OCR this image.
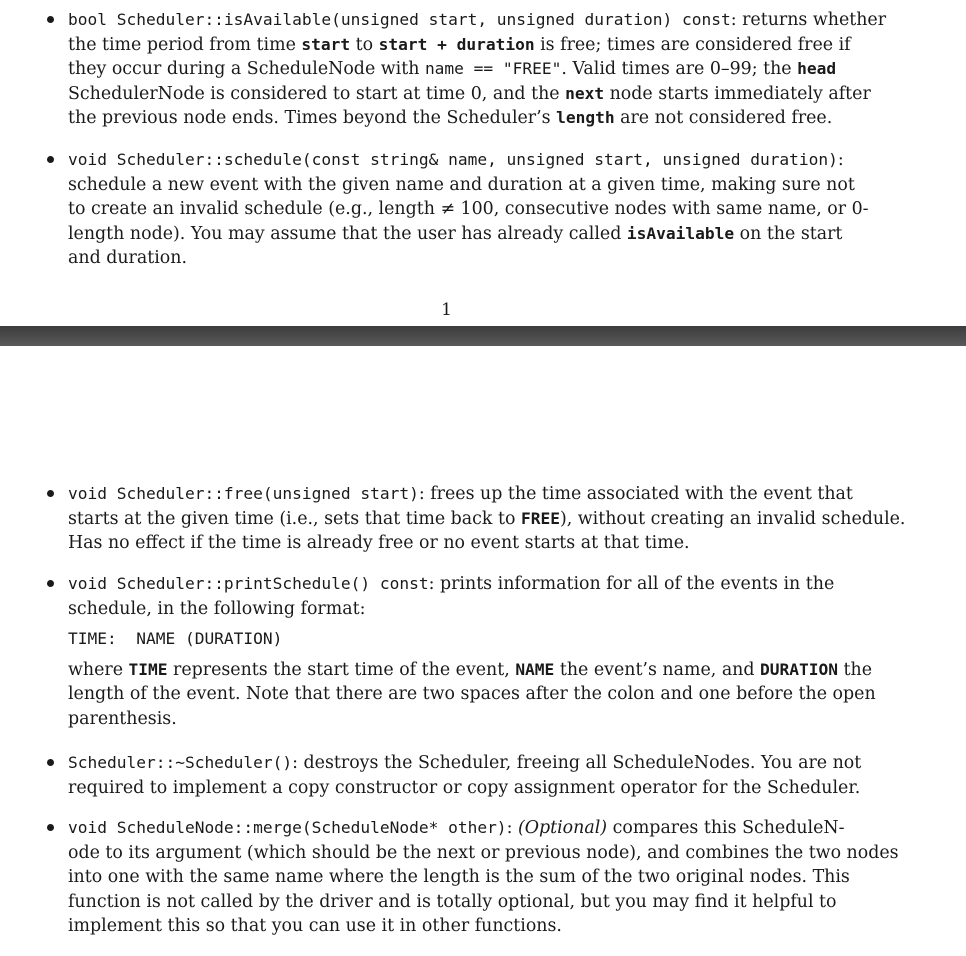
bool Scheduler::isAvailable(unsigned start, unsigned duration) const: returns whether
the time period from time start to start + duration is free; times are considered free if
they occur during a ScheduleNode with name == "FREE". Valid times are 0–99; the head
SchedulerNode is considered to start at time 0, and the next node starts immediately after
the previous node ends. Times beyond the Scheduler’s length are not considered free.
void Scheduler::schedule(const string& name, unsigned start, unsigned duration):
schedule a new event with the given name and duration at a given time, making sure not
to create an invalid schedule (e.g., length ≠ 100, consecutive nodes with same name, or 0-
length node). You may assume that the user has already called isAvailable on the start
and duration.
1
void Scheduler::free(unsigned start): frees up the time associated with the event that
starts at the given time (i.e., sets that time back to FREE), without creating an invalid schedule.
Has no effect if the time is already free or no event starts at that time.
void Scheduler::printSchedule() const: prints information for all of the events in the
schedule, in the following format:
TIME:  NAME (DURATION)
where TIME represents the start time of the event, NAME the event’s name, and DURATION the
length of the event. Note that there are two spaces after the colon and one before the open
parenthesis.
Scheduler::~Scheduler(): destroys the Scheduler, freeing all ScheduleNodes. You are not
required to implement a copy constructor or copy assignment operator for the Scheduler.
void ScheduleNode::merge(ScheduleNode* other): (Optional) compares this ScheduleN-
ode to its argument (which should be the next or previous node), and combines the two nodes
into one with the same name where the length is the sum of the two original nodes. This
function is not called by the driver and is totally optional, but you may find it helpful to
implement this so that you can use it in other functions.
